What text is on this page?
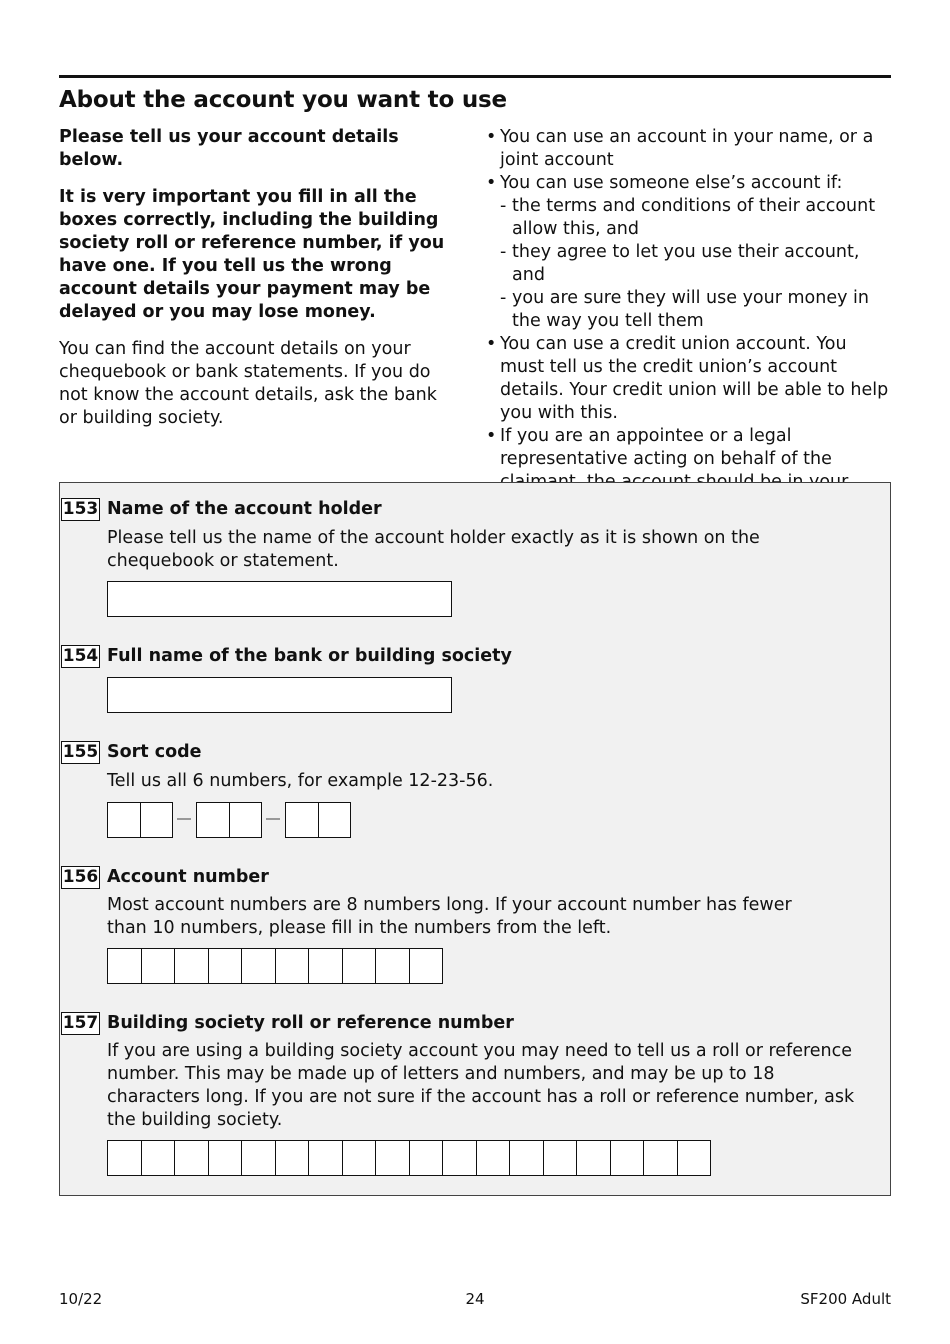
About the account you want to use

Please tell us your account details below.

It is very important you fill in all the boxes correctly, including the building society roll or reference number, if you have one. If you tell us the wrong account details your payment may be delayed or you may lose money.

You can find the account details on your chequebook or bank statements. If you do not know the account details, ask the bank or building society.

• You can use an account in your name, or a joint account
• You can use someone else’s account if:
- the terms and conditions of their account allow this, and
- they agree to let you use their account, and
- you are sure they will use your money in the way you tell them
• You can use a credit union account. You must tell us the credit union’s account details. Your credit union will be able to help you with this.
• If you are an appointee or a legal representative acting on behalf of the
153 Name of the account holder
Please tell us the name of the account holder exactly as it is shown on the chequebook or statement.
154 Full name of the bank or building society
155 Sort code
Tell us all 6 numbers, for example 12-23-56.
156 Account number
Most account numbers are 8 numbers long. If your account number has fewer than 10 numbers, please fill in the numbers from the left.
157 Building society roll or reference number
If you are using a building society account you may need to tell us a roll or reference number. This may be made up of letters and numbers, and may be up to 18 characters long. If you are not sure if the account has a roll or reference number, ask the building society.
10/22	24	SF200 Adult
